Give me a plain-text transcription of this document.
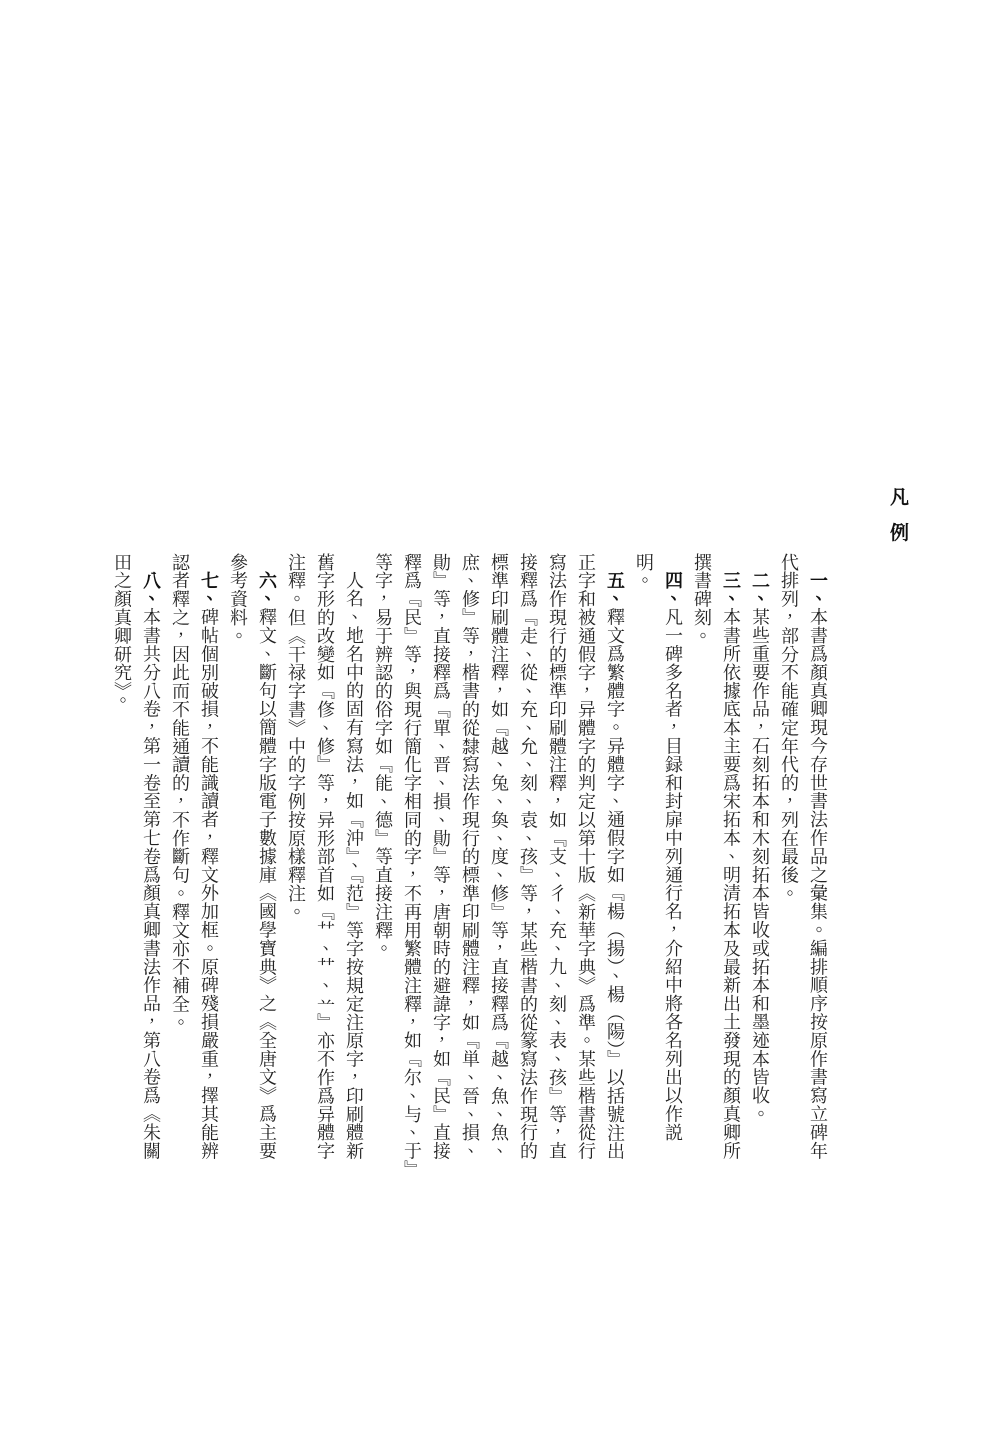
凡例

一、本書爲顏真卿現今存世書法作品之彙集。編排順序按原作書寫立碑年代排列，部分不能確定年代的，列在最後。

二、某些重要作品，石刻拓本和木刻拓本皆收或拓本和墨迹本皆收。

三、本書所依據底本主要爲宋拓本、明清拓本及最新出土發現的顏真卿所撰書碑刻。

四、凡一碑多名者，目録和封扉中列通行名，介紹中將各名列出以作説明。

五、釋文爲繁體字。异體字、通假字如『楊（揚）、楊（陽）』以括號注出正字和被通假字，异體字的判定以第十版《新華字典》爲準。某些楷書從行寫法作現行的標準印刷體注釋，如『支、彳、充、九、刻、表、孩』等，直接釋爲『走、從、充、允、刻、袁、孩』等，某些楷書的從篆寫法作現行的標準印刷體注釋，如『越、兔、奐、度、修』等，直接釋爲『越、魚、魚、庶、修』等，楷書的從隸寫法作現行的標準印刷體注釋，如『単、晉、損、勛』等，直接釋爲『單、晋、損、勛』等，唐朝時的避諱字，如『民』直接釋爲『民』等，與現行簡化字相同的字，不再用繁體注釋，如『尔、与、于』等字，易于辨認的俗字如『能、德』等直接注釋。

人名、地名中的固有寫法，如『沖』、『范』等字按規定注原字，印刷體新舊字形的改變如『俢、修』等，异形部首如『艹、⺿、䒑』亦不作爲异體字注釋。但《干禄字書》中的字例按原樣釋注。

六、釋文、斷句以簡體字版電子數據庫《國學寶典》之《全唐文》爲主要參考資料。

七、碑帖個別破損，不能識讀者，釋文外加框。原碑殘損嚴重，擇其能辨認者釋之，因此而不能通讀的，不作斷句。釋文亦不補全。

八、本書共分八卷，第一卷至第七卷爲顏真卿書法作品，第八卷爲《朱關田之顏真卿研究》。
